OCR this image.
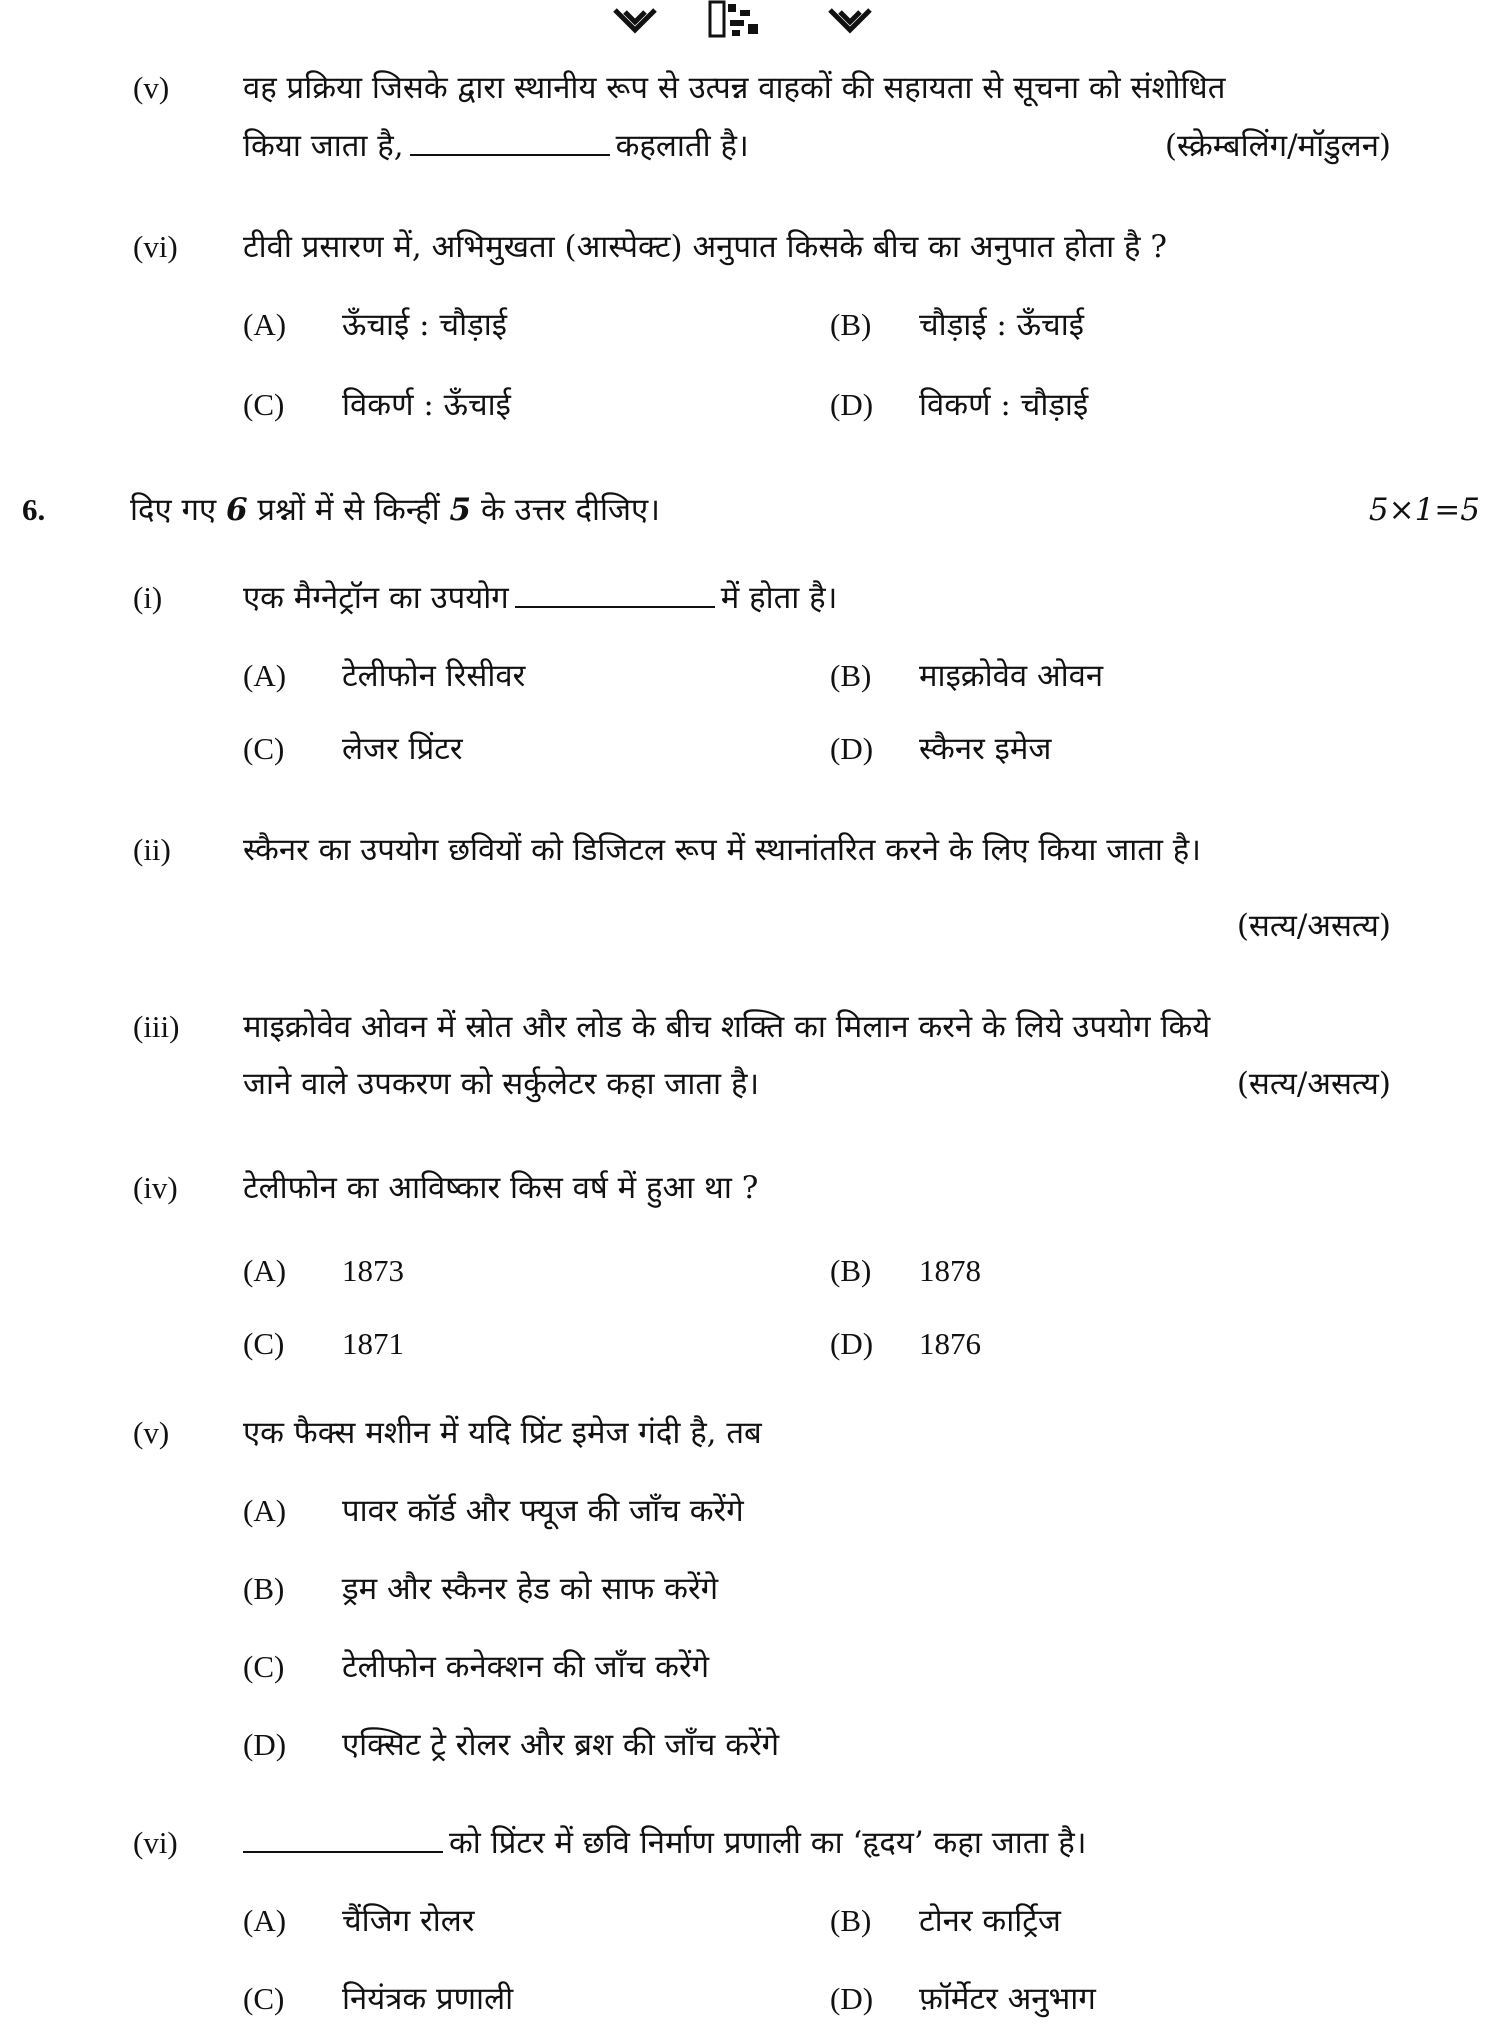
(v) वह प्रक्रिया जिसके द्वारा स्थानीय रूप से उत्पन्न वाहकों की सहायता से सूचना को संशोधित
किया जाता है,	कहलाती है।	(स्क्रेम्बलिंग/मॉडुलन)
(vi) टीवी प्रसारण में, अभिमुखता (आस्पेक्ट) अनुपात किसके बीच का अनुपात होता है ?
(A) ऊँचाई : चौड़ाई	(B) चौड़ाई : ऊँचाई
(C) विकर्ण : ऊँचाई	(D) विकर्ण : चौड़ाई
6.	दिए गए 6 प्रश्नों में से किन्हीं 5 के उत्तर दीजिए।	5×1=5
(i)	एक मैग्नेट्रॉन का उपयोग	में होता है।
(A) टेलीफोन रिसीवर	(B) माइक्रोवेव ओवन
(C) लेजर प्रिंटर	(D) स्कैनर इमेज
(ii) स्कैनर का उपयोग छवियों को डिजिटल रूप में स्थानांतरित करने के लिए किया जाता है।
(सत्य/असत्य)
(iii) माइक्रोवेव ओवन में स्रोत और लोड के बीच शक्ति का मिलान करने के लिये उपयोग किये
जाने वाले उपकरण को सर्कुलेटर कहा जाता है।	(सत्य/असत्य)
(iv) टेलीफोन का आविष्कार किस वर्ष में हुआ था ?
(A) 1873	(B) 1878
(C) 1871	(D) 1876
(v) एक फैक्स मशीन में यदि प्रिंट इमेज गंदी है, तब
(A) पावर कॉर्ड और फ्यूज की जाँच करेंगे
(B) ड्रम और स्कैनर हेड को साफ करेंगे
(C) टेलीफोन कनेक्शन की जाँच करेंगे
(D) एक्सिट ट्रे रोलर और ब्रश की जाँच करेंगे
(vi)	को प्रिंटर में छवि निर्माण प्रणाली का ‘हृदय’ कहा जाता है।
(A) चैंजिग रोलर	(B) टोनर कार्ट्रिज
(C) नियंत्रक प्रणाली	(D) फ़ॉर्मेटर अनुभाग
